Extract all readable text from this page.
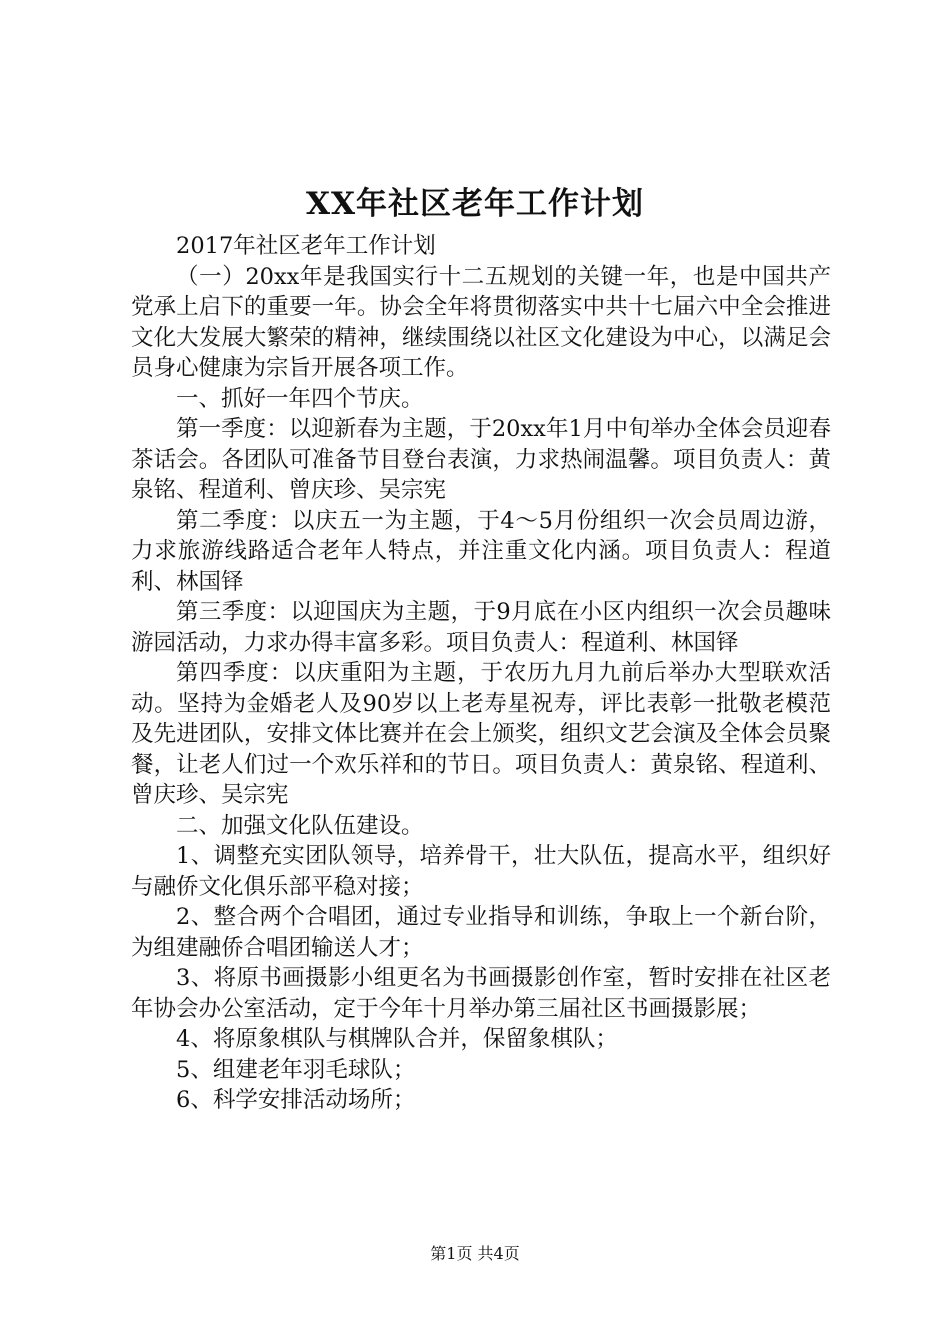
XX年社区老年工作计划

2017年社区老年工作计划

（一）20xx年是我国实行十二五规划的关键一年，也是中国共产党承上启下的重要一年。协会全年将贯彻落实中共十七届六中全会推进文化大发展大繁荣的精神，继续围绕以社区文化建设为中心，以满足会员身心健康为宗旨开展各项工作。

一、抓好一年四个节庆。

第一季度：以迎新春为主题，于20xx年1月中旬举办全体会员迎春茶话会。各团队可准备节目登台表演，力求热闹温馨。项目负责人：黄泉铭、程道利、曾庆珍、吴宗宪

第二季度：以庆五一为主题，于4～5月份组织一次会员周边游，力求旅游线路适合老年人特点，并注重文化内涵。项目负责人：程道利、林国铎

第三季度：以迎国庆为主题，于9月底在小区内组织一次会员趣味游园活动，力求办得丰富多彩。项目负责人：程道利、林国铎

第四季度：以庆重阳为主题，于农历九月九前后举办大型联欢活动。坚持为金婚老人及90岁以上老寿星祝寿，评比表彰一批敬老模范及先进团队，安排文体比赛并在会上颁奖，组织文艺会演及全体会员聚餐，让老人们过一个欢乐祥和的节日。项目负责人：黄泉铭、程道利、曾庆珍、吴宗宪

二、加强文化队伍建设。

1、调整充实团队领导，培养骨干，壮大队伍，提高水平，组织好与融侨文化俱乐部平稳对接；

2、整合两个合唱团，通过专业指导和训练，争取上一个新台阶，为组建融侨合唱团输送人才；

3、将原书画摄影小组更名为书画摄影创作室，暂时安排在社区老年协会办公室活动，定于今年十月举办第三届社区书画摄影展；

4、将原象棋队与棋牌队合并，保留象棋队；

5、组建老年羽毛球队；

6、科学安排活动场所；

第1页 共4页
